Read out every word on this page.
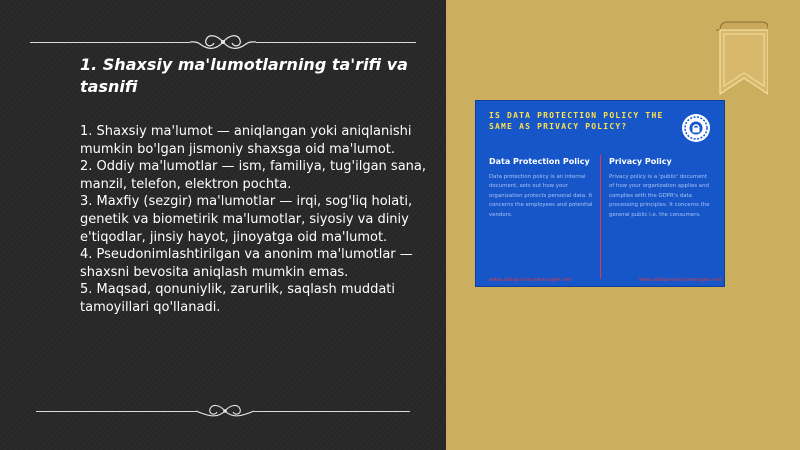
1. Shaxsiy ma'lumotlarning ta'rifi va tasnifi
1. Shaxsiy ma'lumot — aniqlangan yoki aniqlanishi mumkin bo'lgan jismoniy shaxsga oid ma'lumot.
2. Oddiy ma'lumotlar — ism, familiya, tug'ilgan sana, manzil, telefon, elektron pochta.
3. Maxfiy (sezgir) ma'lumotlar — irqi, sog'liq holati, genetik va biometirik ma'lumotlar, siyosiy va diniy e'tiqodlar, jinsiy hayot, jinoyatga oid ma'lumot.
4. Pseudonimlashtirilgan va anonim ma'lumotlar — shaxsni bevosita aniqlash mumkin emas.
5. Maqsad, qonuniylik, zarurlik, saqlash muddati tamoyillari qo'llanadi.

IS DATA PROTECTION POLICY THE SAME AS PRIVACY POLICY?

Data Protection Policy Privacy Policy

Data protection policy is an internal document, sets out how your organization protects personal data. It concerns the employees and potential vendors.

Privacy policy is a 'public' document of how your organization applies and complies with the GDPR's data processing principles. It concerns the general public i.e. the consumers.

www.dataprivacymanager.net	www.dataprivacymanager.net
